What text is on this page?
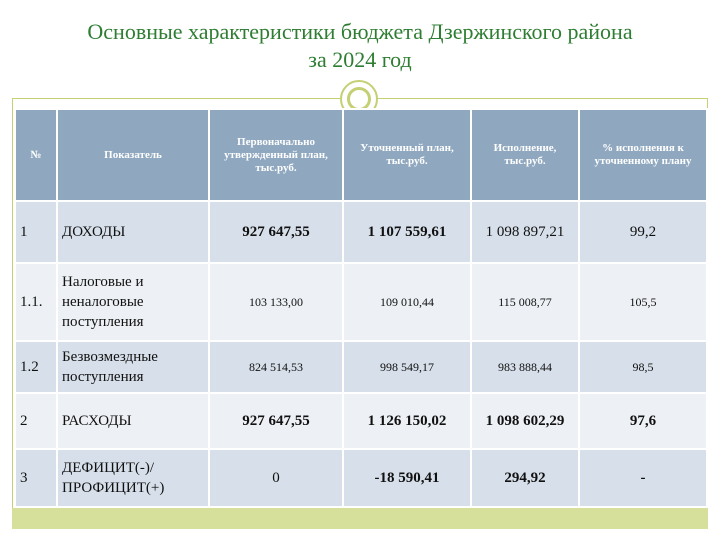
Основные характеристики бюджета Дзержинского района
за 2024 год
№	Показатель	Первоначально утвержденный план, тыс.руб.	Уточненный план, тыс.руб.	Исполнение, тыс.руб.	% исполнения к уточненному плану
1	ДОХОДЫ	927 647,55	1 107 559,61	1 098 897,21	99,2
1.1.	Налоговые и неналоговые поступления	103 133,00	109 010,44	115 008,77	105,5
1.2	Безвозмездные поступления	824 514,53	998 549,17	983 888,44	98,5
2	РАСХОДЫ	927 647,55	1 126 150,02	1 098 602,29	97,6
3	ДЕФИЦИТ(-)/ ПРОФИЦИТ(+)	0	-18 590,41	294,92	-
